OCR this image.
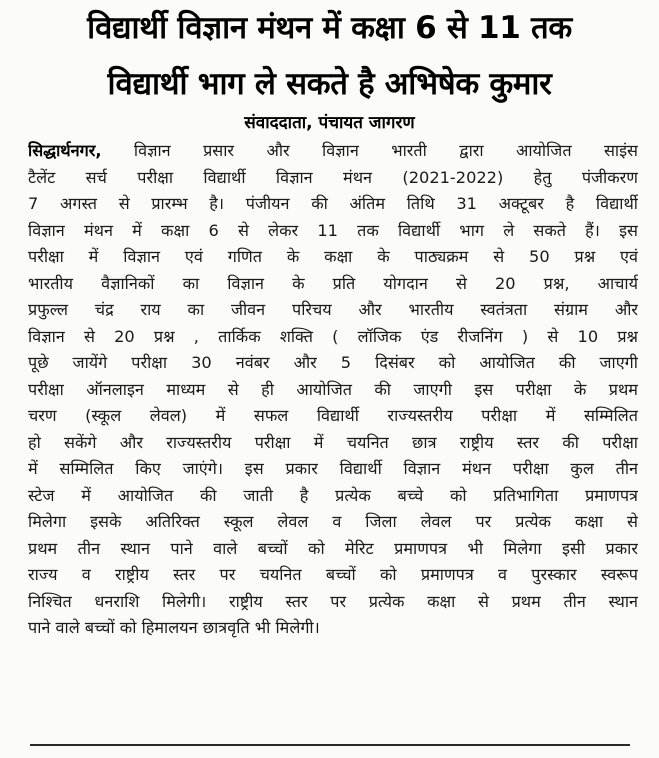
विद्यार्थी विज्ञान मंथन में कक्षा 6 से 11 तक
विद्यार्थी भाग ले सकते है अभिषेक कुमार
संवाददाता, पंचायत जागरण
सिद्धार्थनगर, विज्ञान प्रसार और विज्ञान भारती द्वारा आयोजित साइंस
टैलेंट सर्च परीक्षा विद्यार्थी विज्ञान मंथन (2021-2022) हेतु पंजीकरण
7 अगस्त से प्रारम्भ है। पंजीयन की अंतिम तिथि 31 अक्टूबर है विद्यार्थी
विज्ञान मंथन में कक्षा 6 से लेकर 11 तक विद्यार्थी भाग ले सकते हैं। इस
परीक्षा में विज्ञान एवं गणित के कक्षा के पाठ्यक्रम से 50 प्रश्न एवं
भारतीय वैज्ञानिकों का विज्ञान के प्रति योगदान से 20 प्रश्न, आचार्य
प्रफुल्ल चंद्र राय का जीवन परिचय और भारतीय स्वतंत्रता संग्राम और
विज्ञान से 20 प्रश्न , तार्किक शक्ति ( लॉजिक एंड रीजनिंग ) से 10 प्रश्न
पूछे जायेंगे परीक्षा 30 नवंबर और 5 दिसंबर को आयोजित की जाएगी
परीक्षा ऑनलाइन माध्यम से ही आयोजित की जाएगी इस परीक्षा के प्रथम
चरण (स्कूल लेवल) में सफल विद्यार्थी राज्यस्तरीय परीक्षा में सम्मिलित
हो सकेंगे और राज्यस्तरीय परीक्षा में चयनित छात्र राष्ट्रीय स्तर की परीक्षा
में सम्मिलित किए जाएंगे। इस प्रकार विद्यार्थी विज्ञान मंथन परीक्षा कुल तीन
स्टेज में आयोजित की जाती है प्रत्येक बच्चे को प्रतिभागिता प्रमाणपत्र
मिलेगा इसके अतिरिक्त स्कूल लेवल व जिला लेवल पर प्रत्येक कक्षा से
प्रथम तीन स्थान पाने वाले बच्चों को मेरिट प्रमाणपत्र भी मिलेगा इसी प्रकार
राज्य व राष्ट्रीय स्तर पर चयनित बच्चों को प्रमाणपत्र व पुरस्कार स्वरूप
निश्चित धनराशि मिलेगी। राष्ट्रीय स्तर पर प्रत्येक कक्षा से प्रथम तीन स्थान
पाने वाले बच्चों को हिमालयन छात्रवृति भी मिलेगी।
